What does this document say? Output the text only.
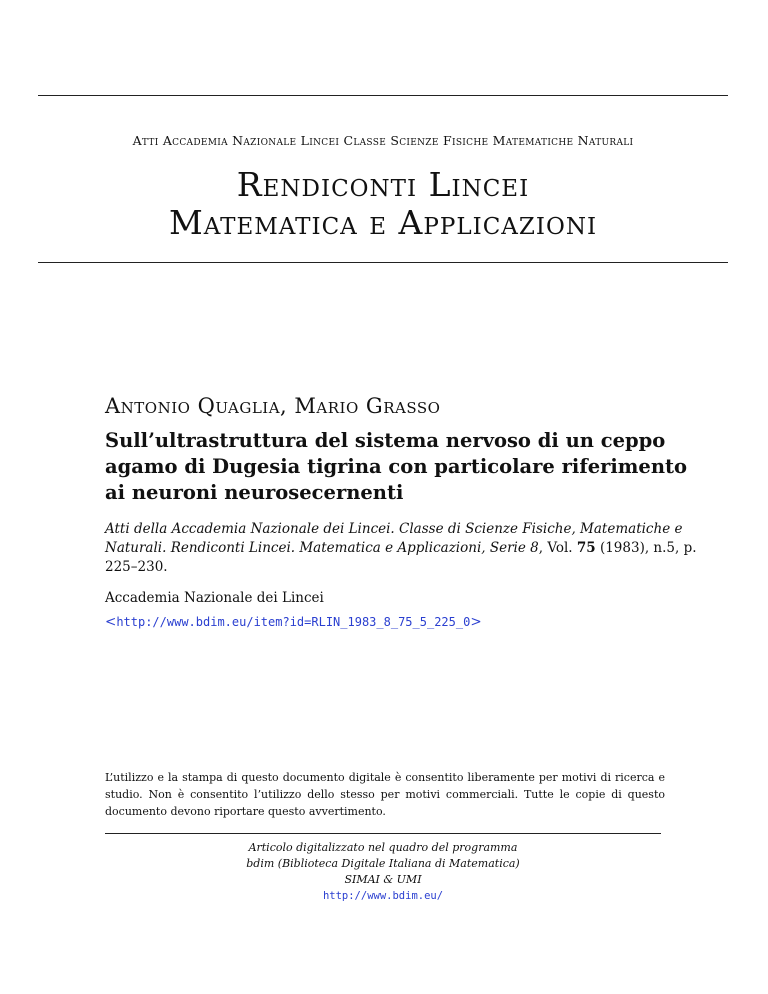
Atti Accademia Nazionale Lincei Classe Scienze Fisiche Matematiche Naturali
Rendiconti Lincei
Matematica e Applicazioni
Antonio Quaglia, Mario Grasso
Sull’ultrastruttura del sistema nervoso di un ceppo agamo di Dugesia tigrina con particolare riferimento ai neuroni neurosecernenti
Atti della Accademia Nazionale dei Lincei. Classe di Scienze Fisiche, Matematiche e Naturali. Rendiconti Lincei. Matematica e Applicazioni, Serie 8, Vol. 75 (1983), n.5, p. 225–230.
Accademia Nazionale dei Lincei
<http://www.bdim.eu/item?id=RLIN_1983_8_75_5_225_0>
L’utilizzo e la stampa di questo documento digitale è consentito liberamente per motivi di ricerca e studio. Non è consentito l’utilizzo dello stesso per motivi commerciali. Tutte le copie di questo documento devono riportare questo avvertimento.
Articolo digitalizzato nel quadro del programma
bdim (Biblioteca Digitale Italiana di Matematica)
SIMAI & UMI
http://www.bdim.eu/
